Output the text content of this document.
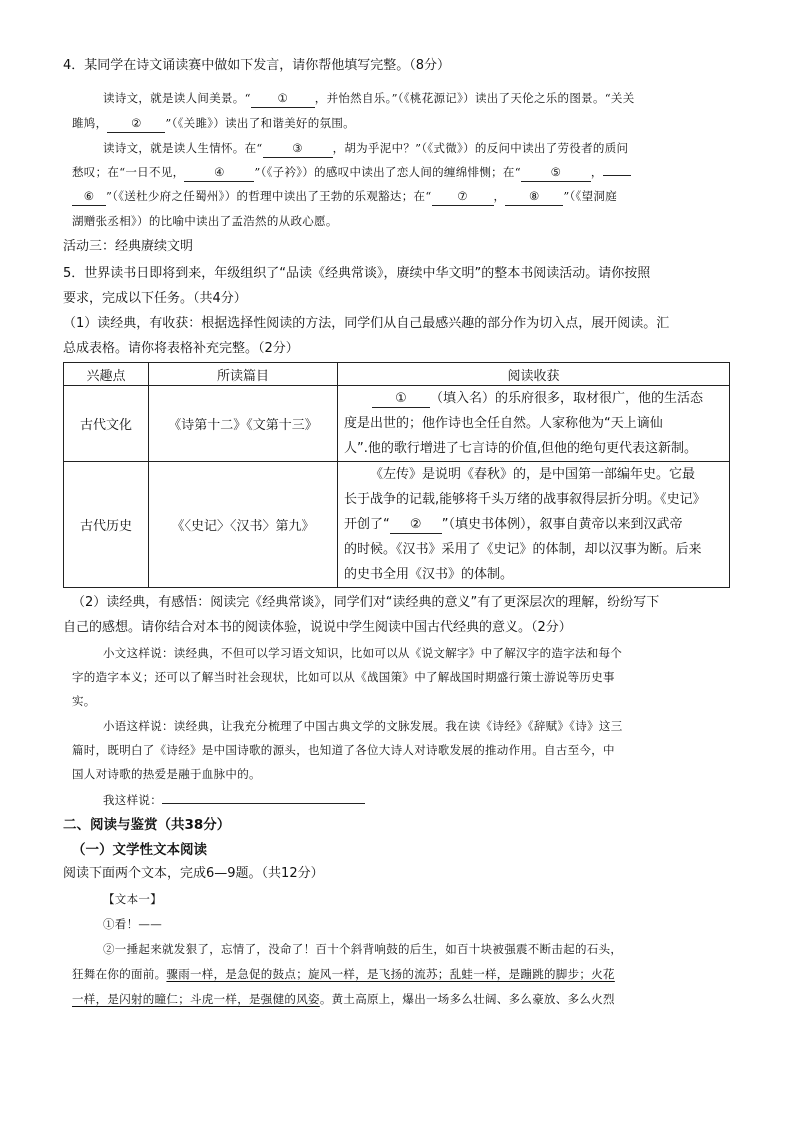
4．某同学在诗文诵读赛中做如下发言，请你帮他填写完整。（8分）
读诗文，就是读人间美景。“ ① ，并怡然自乐。”（《桃花源记》）读出了天伦之乐的图景。“关关
雎鸠， ② ”（《关雎》）读出了和谐美好的氛围。
读诗文，就是读人生情怀。在“	③	，胡为乎泥中？”（《式微》）的反问中读出了劳役者的质问
愁叹；在“一日不见，	④	”（《子衿》）的感叹中读出了恋人间的缠绵悱恻；在“	⑤	，
⑥ ”（《送杜少府之任蜀州》）的哲理中读出了王勃的乐观豁达；在“ ⑦ ， ⑧ ”（《望洞庭
湖赠张丞相》）的比喻中读出了孟浩然的从政心愿。
活动三：经典赓续文明
5．世界读书日即将到来，年级组织了“品读《经典常谈》，赓续中华文明”的整本书阅读活动。请你按照
要求，完成以下任务。（共4分）
（1）读经典，有收获：根据选择性阅读的方法，同学们从自己最感兴趣的部分作为切入点，展开阅读。汇
总成表格。请你将表格补充完整。（2分）
兴趣点	所读篇目	阅读收获
古代文化	《诗第十二》《文第十三》	① （填入名）的乐府很多，取材很广，他的生活态
度是出世的；他作诗也全任自然。人家称他为“天上谪仙
人”.他的歌行增进了七言诗的价值,但他的绝句更代表这新制。

古代历史	《〈史记〉〈汉书〉第九》	《左传》是说明《春秋》的，是中国第一部编年史。它最
长于战争的记载,能够将千头万绪的战事叙得层折分明。《史记》
开创了“ ② ”（填史书体例），叙事自黄帝以来到汉武帝
的时候。《汉书》采用了《史记》的体制，却以汉事为断。后来
的史书全用《汉书》的体制。
（2）读经典，有感悟：阅读完《经典常谈》，同学们对“读经典的意义”有了更深层次的理解，纷纷写下
自己的感想。请你结合对本书的阅读体验，说说中学生阅读中国古代经典的意义。（2分）
小文这样说：读经典，不但可以学习语文知识，比如可以从《说文解字》中了解汉字的造字法和每个
字的造字本义；还可以了解当时社会现状，比如可以从《战国策》中了解战国时期盛行策士游说等历史事
实。
小语这样说：读经典，让我充分梳理了中国古典文学的文脉发展。我在读《诗经》《辞赋》《诗》这三
篇时，既明白了《诗经》是中国诗歌的源头，也知道了各位大诗人对诗歌发展的推动作用。自古至今，中
国人对诗歌的热爱是融于血脉中的。
我这样说：
二、阅读与鉴赏（共38分）
（一）文学性文本阅读
阅读下面两个文本，完成6—9题。（共12分）
【文本一】
①看！——
②一捶起来就发狠了，忘情了，没命了！百十个斜背响鼓的后生，如百十块被强震不断击起的石头，
狂舞在你的面前。骤雨一样，是急促的鼓点；旋风一样，是飞扬的流苏；乱蛙一样，是蹦跳的脚步；火花
一样，是闪射的瞳仁；斗虎一样，是强健的风姿。黄土高原上，爆出一场多么壮阔、多么豪放、多么火烈
